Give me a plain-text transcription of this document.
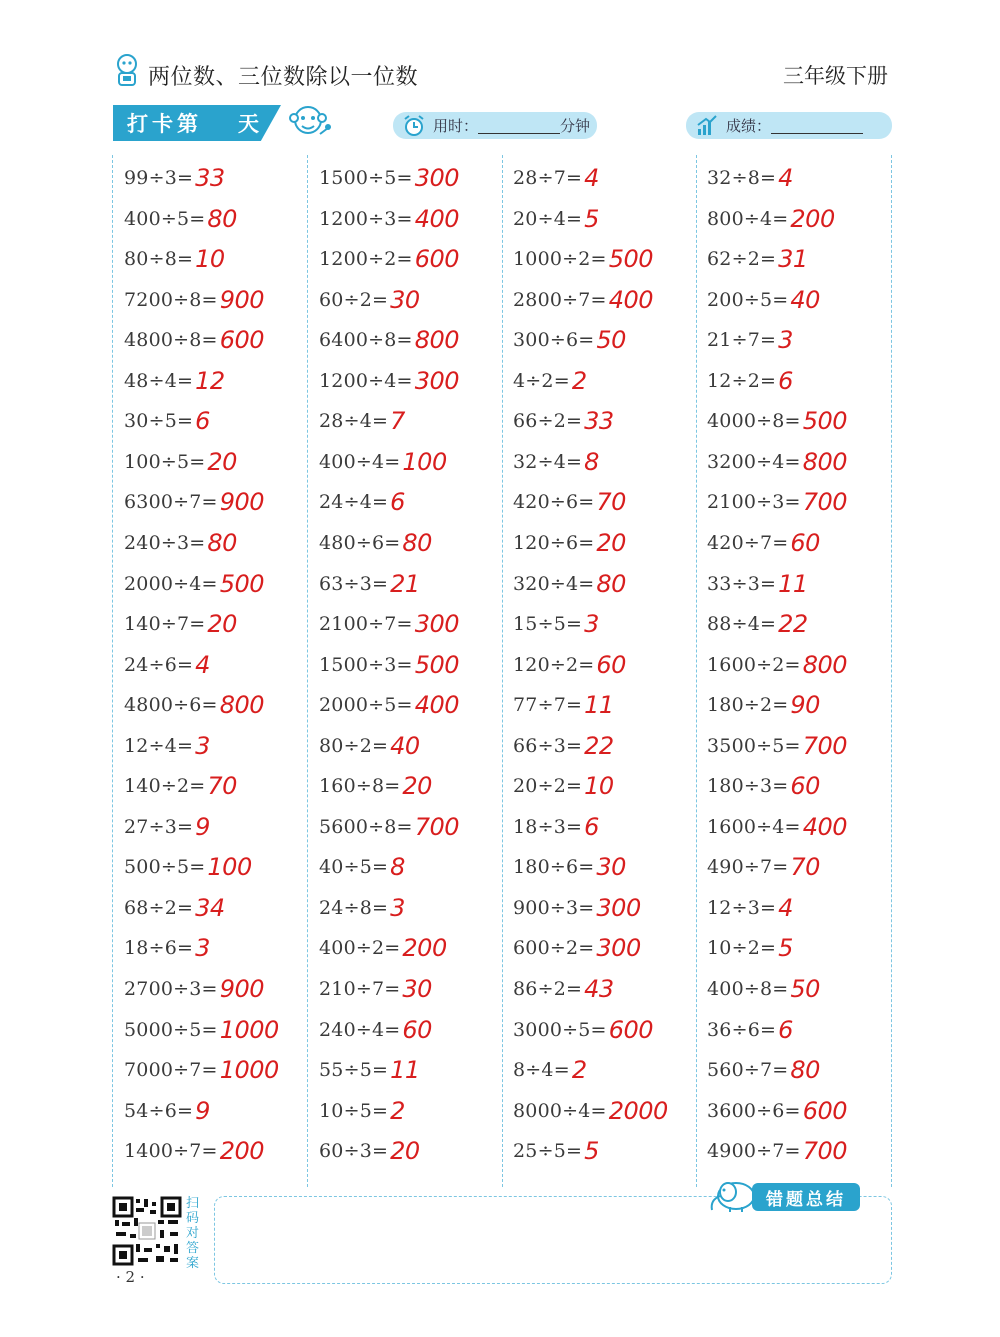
两位数、三位数除以一位数	三年级下册
打卡第 天	用时：	分钟	成绩：
99÷3= 33
400÷5= 80
80÷8= 10
7200÷8= 900
4800÷8= 600
48÷4= 12
30÷5= 6
100÷5= 20
6300÷7= 900
240÷3= 80
2000÷4= 500
140÷7= 20
24÷6= 4
4800÷6= 800
12÷4= 3
140÷2= 70
27÷3= 9
500÷5= 100
68÷2= 34
18÷6= 3
2700÷3= 900
5000÷5= 1000
7000÷7= 1000
54÷6= 9
1400÷7= 200
1500÷5= 300
1200÷3= 400
1200÷2= 600
60÷2= 30
6400÷8= 800
1200÷4= 300
28÷4= 7
400÷4= 100
24÷4= 6
480÷6= 80
63÷3= 21
2100÷7= 300
1500÷3= 500
2000÷5= 400
80÷2= 40
160÷8= 20
5600÷8= 700
40÷5= 8
24÷8= 3
400÷2= 200
210÷7= 30
240÷4= 60
55÷5= 11
10÷5= 2
60÷3= 20
28÷7= 4
20÷4= 5
1000÷2= 500
2800÷7= 400
300÷6= 50
4÷2= 2
66÷2= 33
32÷4= 8
420÷6= 70
120÷6= 20
320÷4= 80
15÷5= 3
120÷2= 60
77÷7= 11
66÷3= 22
20÷2= 10
18÷3= 6
180÷6= 30
900÷3= 300
600÷2= 300
86÷2= 43
3000÷5= 600
8÷4= 2
8000÷4= 2000
25÷5= 5
32÷8= 4
800÷4= 200
62÷2= 31
200÷5= 40
21÷7= 3
12÷2= 6
4000÷8= 500
3200÷4= 800
2100÷3= 700
420÷7= 60
33÷3= 11
88÷4= 22
1600÷2= 800
180÷2= 90
3500÷5= 700
180÷3= 60
1600÷4= 400
490÷7= 70
12÷3= 4
10÷2= 5
400÷8= 50
36÷6= 6
560÷7= 80
3600÷6= 600
4900÷7= 700
扫码对答案
· 2 ·
错题总结
